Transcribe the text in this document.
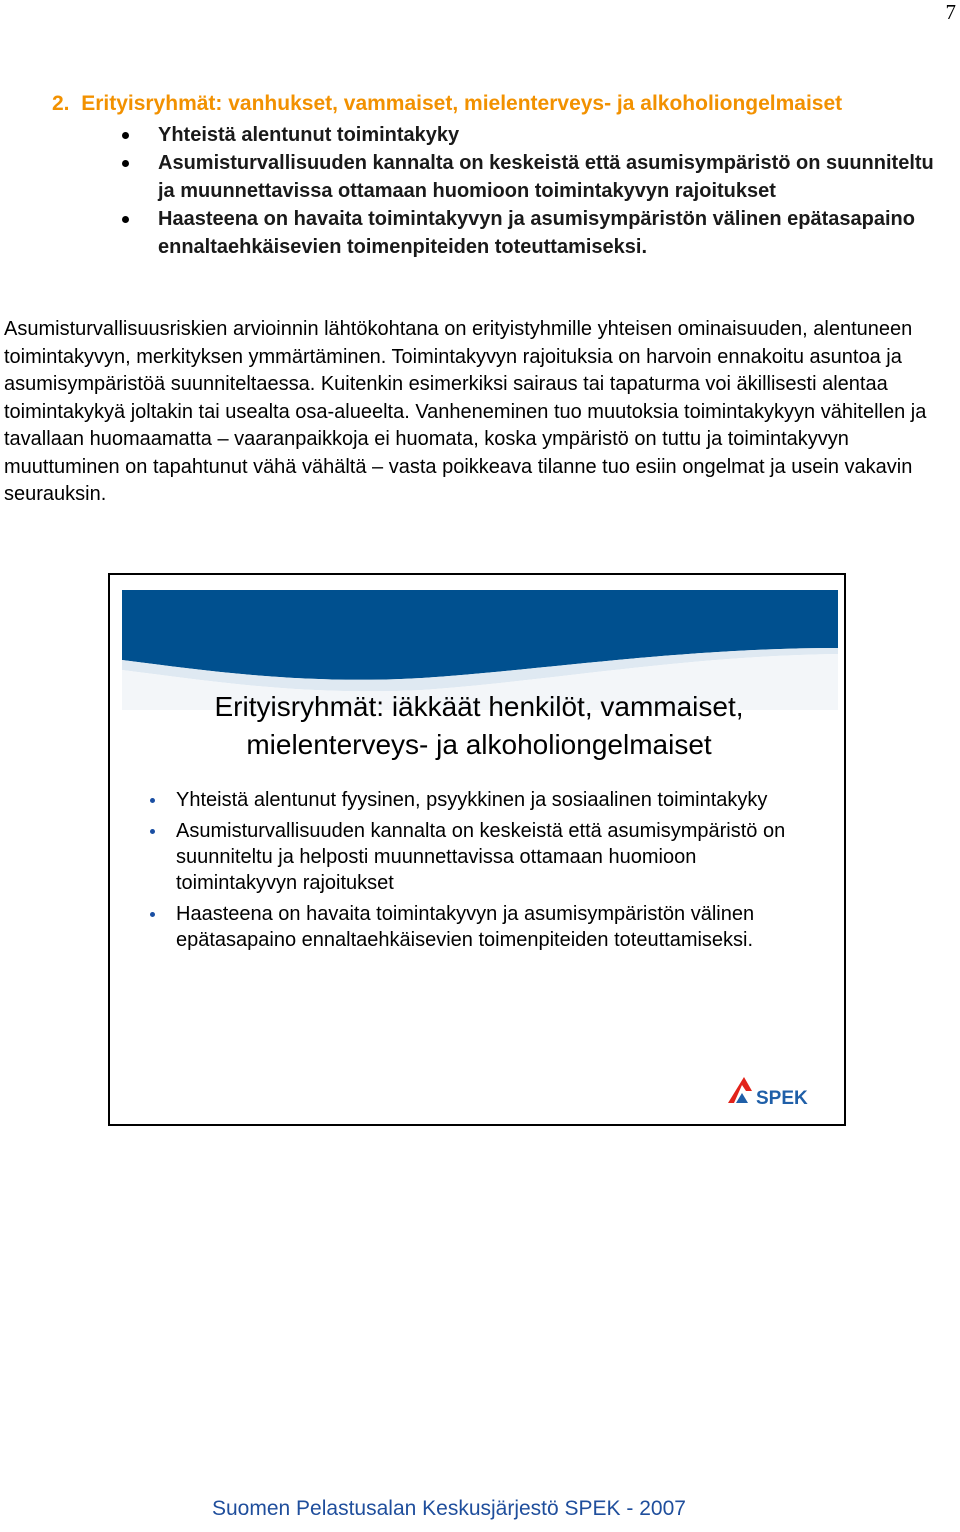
7
2. Erityisryhmät: vanhukset, vammaiset, mielenterveys- ja alkoholiongelmaiset
Yhteistä alentunut toimintakyky
Asumisturvallisuuden kannalta on keskeistä että asumisympäristö on suunniteltu ja muunnettavissa ottamaan huomioon toimintakyvyn rajoitukset
Haasteena on havaita toimintakyvyn ja asumisympäristön välinen epätasapaino ennaltaehkäisevien toimenpiteiden toteuttamiseksi.

Asumisturvallisuusriskien arvioinnin lähtökohtana on erityistyhmille yhteisen ominaisuuden, alentuneen toimintakyvyn, merkityksen ymmärtäminen. Toimintakyvyn rajoituksia on harvoin ennakoitu asuntoa ja asumisympäristöä suunniteltaessa. Kuitenkin esimerkiksi sairaus tai tapaturma voi äkillisesti alentaa toimintakykyä joltakin tai usealta osa-alueelta. Vanheneminen tuo muutoksia toimintakykyyn vähitellen ja tavallaan huomaamatta – vaaranpaikkoja ei huomata, koska ympäristö on tuttu ja toimintakyvyn muuttuminen on tapahtunut vähä vähältä – vasta poikkeava tilanne tuo esiin ongelmat ja usein vakavin seurauksin.

Erityisryhmät: iäkkäät henkilöt, vammaiset,
mielenterveys- ja alkoholiongelmaiset
Yhteistä alentunut fyysinen, psyykkinen ja sosiaalinen toimintakyky
Asumisturvallisuuden kannalta on keskeistä että asumisympäristö on suunniteltu ja helposti muunnettavissa ottamaan huomioon toimintakyvyn rajoitukset
Haasteena on havaita toimintakyvyn ja asumisympäristön välinen epätasapaino ennaltaehkäisevien toimenpiteiden toteuttamiseksi.
SPEK
Suomen Pelastusalan Keskusjärjestö SPEK - 2007
